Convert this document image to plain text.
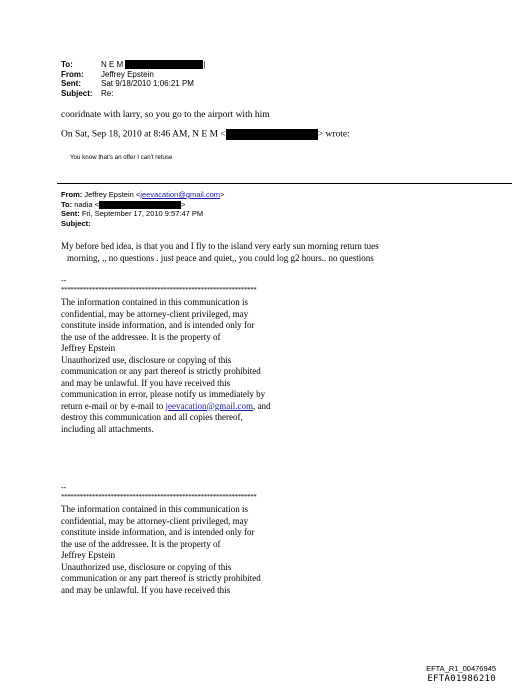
To:	N E M	|
From: Jeffrey Epstein
Sent:	Sat 9/18/2010 1:06:21 PM
Subject: Re:
cooridnate with larry, so you go to the airport with him
On Sat, Sep 18, 2010 at 8:46 AM, N E M <	> wrote:
You know that's an offer I can't refuse
From: Jeffrey Epstein <jeevacation@gmail.com>
To: nadia <	>
Sent: Fri, September 17, 2010 9:57:47 PM
Subject:
My before bed idea, is that you and I fly to the island very early sun morning return tues
morning, ,, no questions . just peace and quiet,, you could log g2 hours.. no questions
--
***************************************************************
The information contained in this communication is
confidential, may be attorney-client privileged, may
constitute inside information, and is intended only for
the use of the addressee. It is the property of
Jeffrey Epstein
Unauthorized use, disclosure or copying of this
communication or any part thereof is strictly prohibited
and may be unlawful. If you have received this
communication in error, please notify us immediately by
return e-mail or by e-mail to jeevacation@gmail.com, and
destroy this communication and all copies thereof,
including all attachments.
--
***************************************************************
The information contained in this communication is
confidential, may be attorney-client privileged, may
constitute inside information, and is intended only for
the use of the addressee. It is the property of
Jeffrey Epstein
Unauthorized use, disclosure or copying of this
communication or any part thereof is strictly prohibited
and may be unlawful. If you have received this
EFTA_R1_00476945
EFTA01986210
